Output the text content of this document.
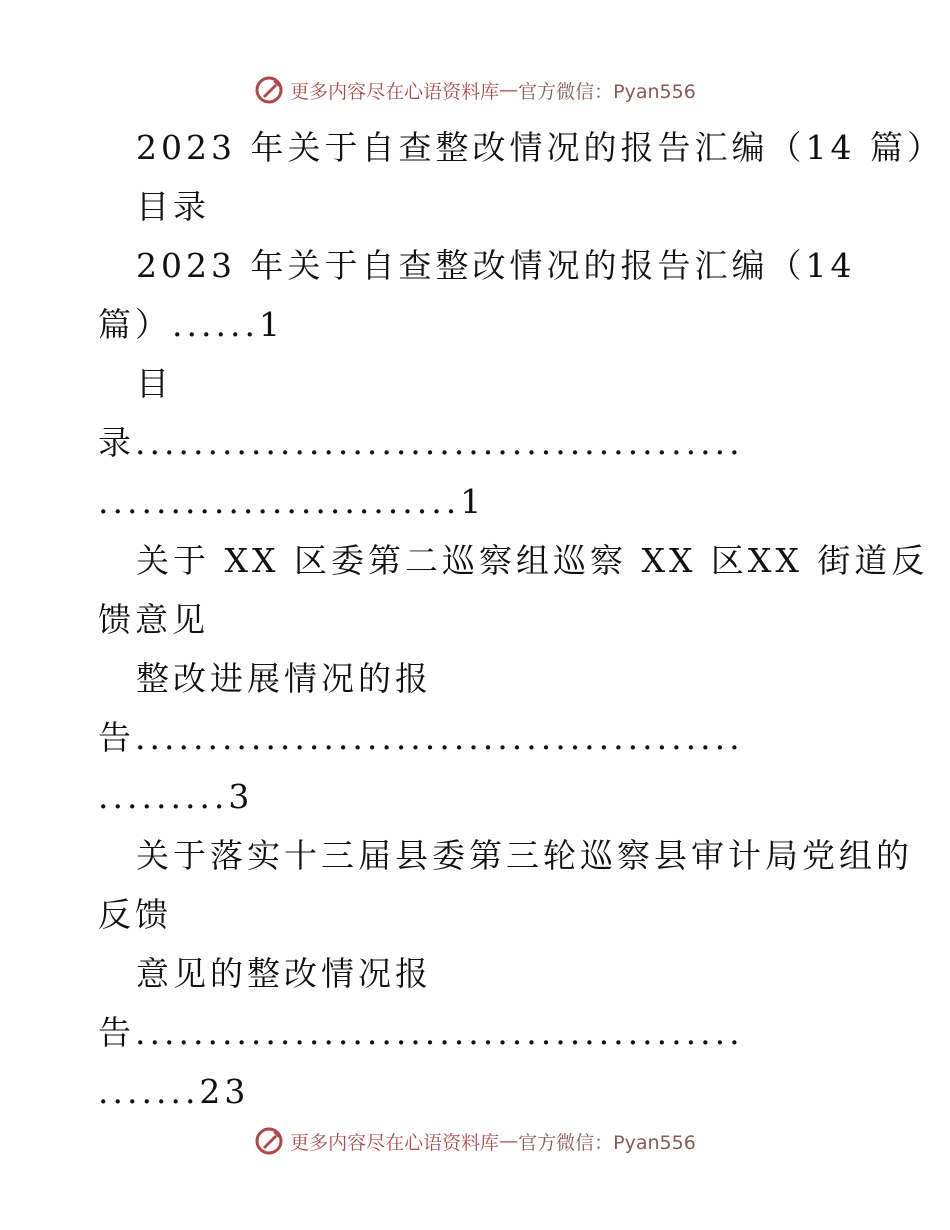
更多内容尽在心语资料库 — 官方微信：Pyan556
2023 年关于自查整改情况的报告汇编（14 篇）
目录
2023 年关于自查整改情况的报告汇编（14
篇）......1
目
录..........................................
.........................1
关于 XX 区委第二巡察组巡察 XX 区XX 街道反
馈意见
整改进展情况的报
告..........................................
.........3
关于落实十三届县委第三轮巡察县审计局党组的
反馈
意见的整改情况报
告..........................................
.......23
更多内容尽在心语资料库 — 官方微信：Pyan556
